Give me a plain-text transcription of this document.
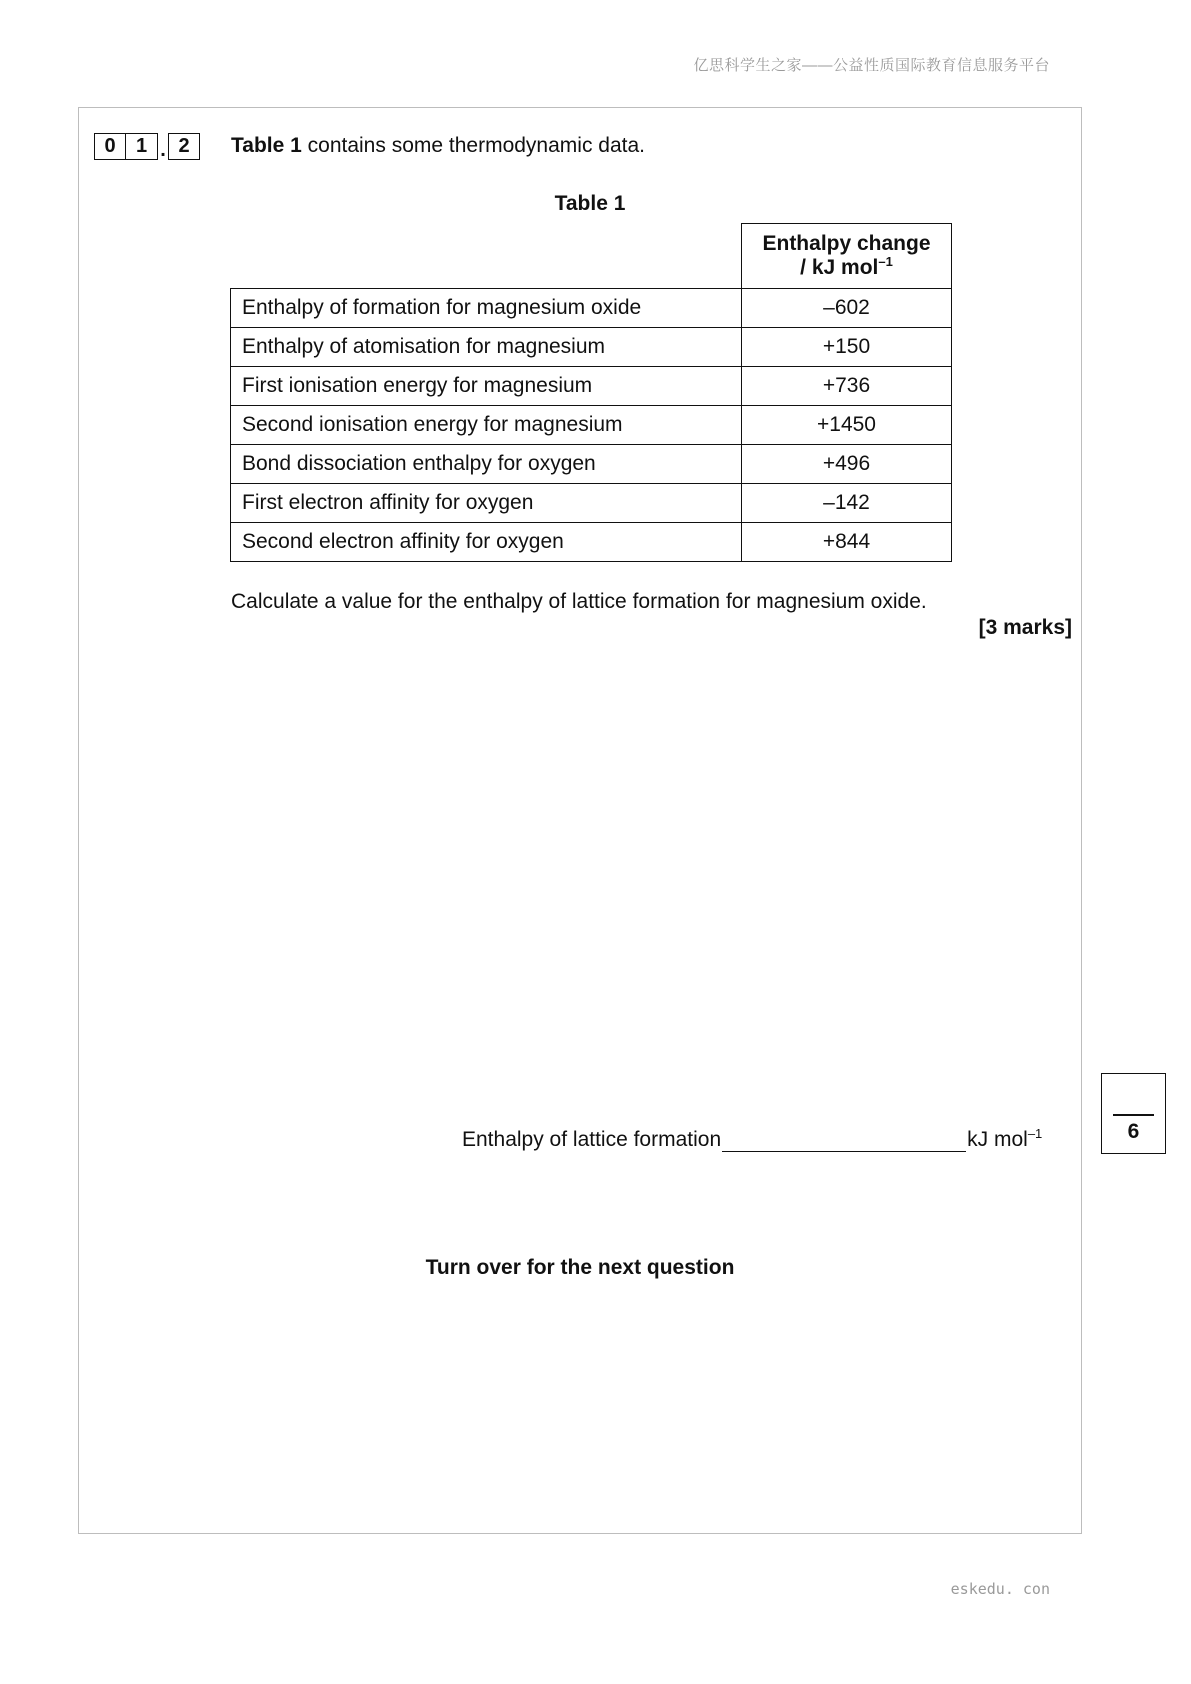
亿思科学生之家——公益性质国际教育信息服务平台
0	1 . 2	Table 1 contains some thermodynamic data.
Table 1
	Enthalpy change
/ kJ mol$^{-1}$
Enthalpy of formation for magnesium oxide	–602
Enthalpy of atomisation for magnesium	+150
First ionisation energy for magnesium	+736
Second ionisation energy for magnesium	+1450
Bond dissociation enthalpy for oxygen	+496
First electron affinity for oxygen	–142
Second electron affinity for oxygen	+844
Calculate a value for the enthalpy of lattice formation for magnesium oxide.
[3 marks]
Enthalpy of lattice formation	kJ mol$^{-1}$	6
Turn over for the next question
eskedu. con
